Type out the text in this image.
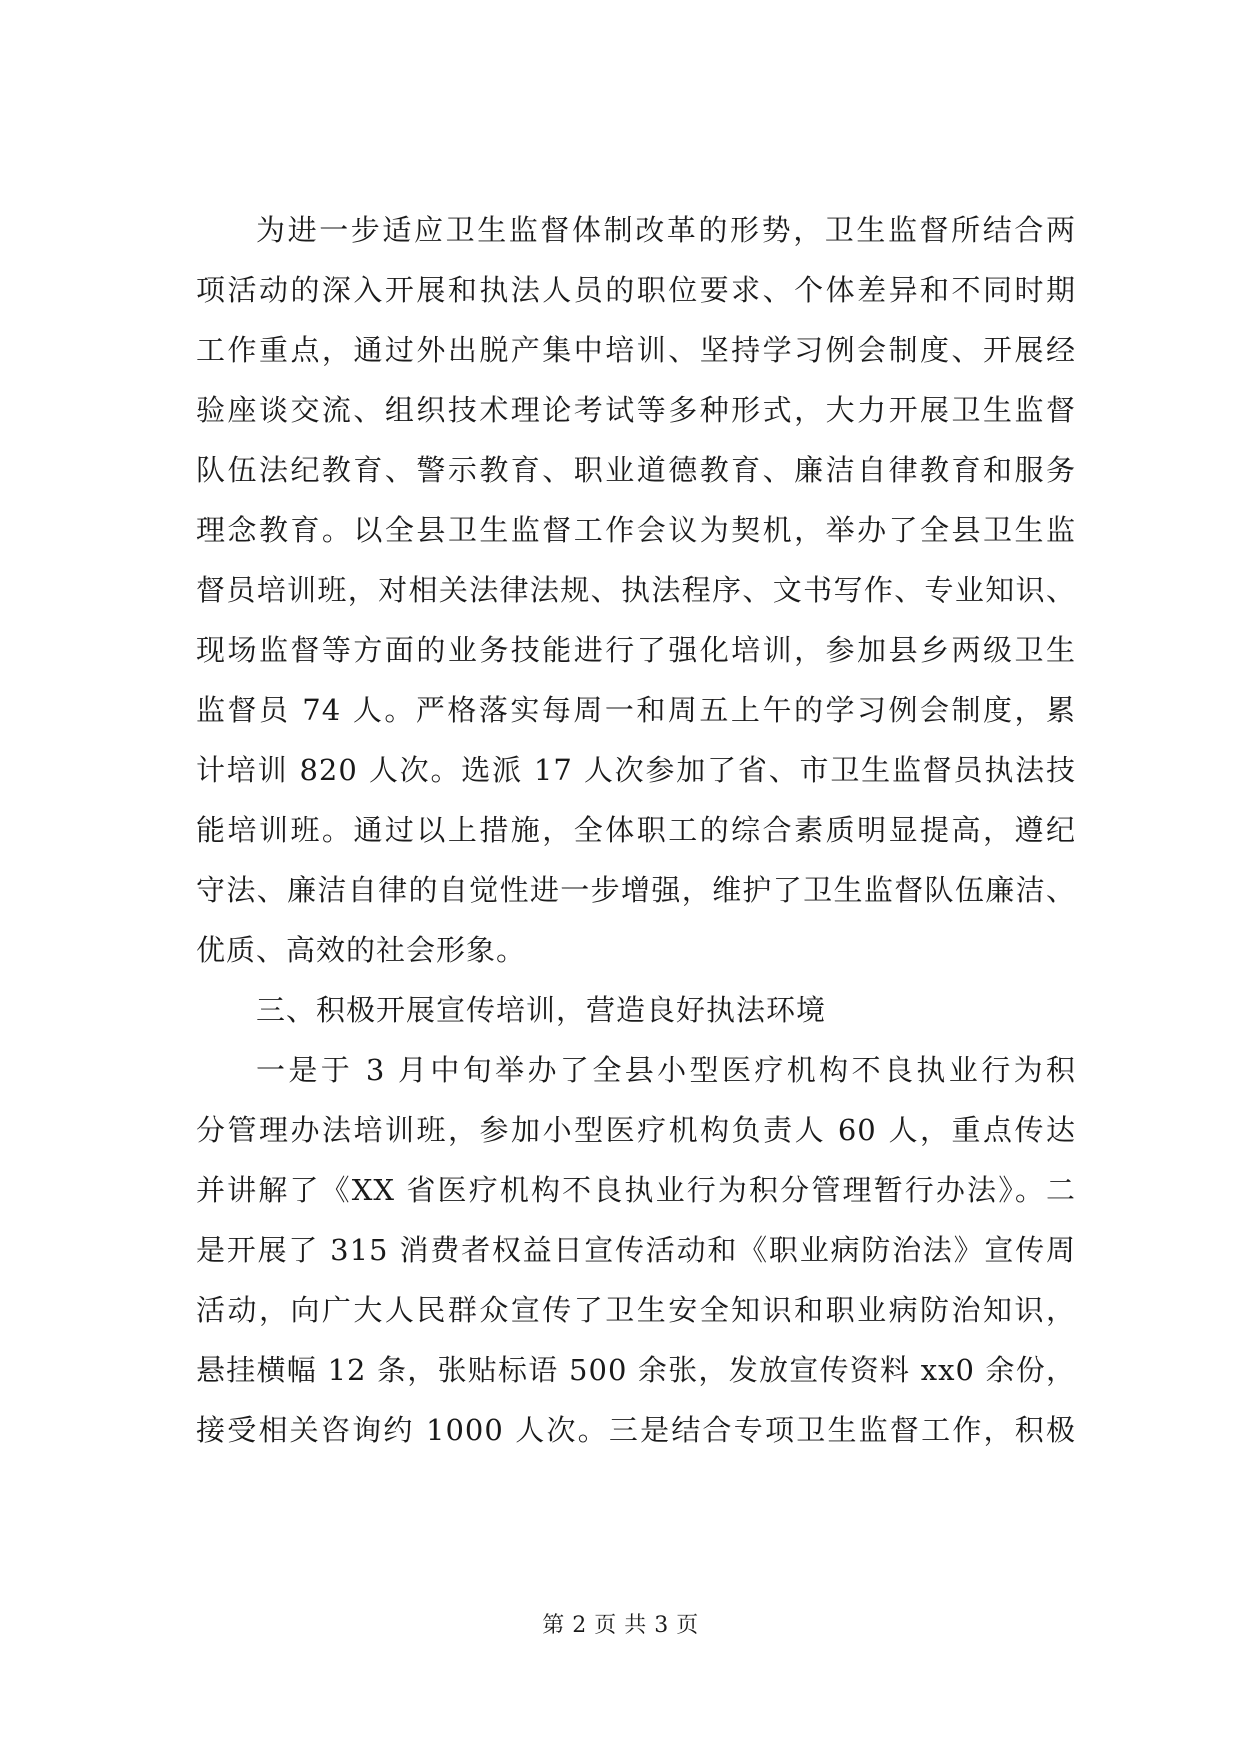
为进一步适应卫生监督体制改革的形势，卫生监督所结合两
项活动的深入开展和执法人员的职位要求、个体差异和不同时期
工作重点，通过外出脱产集中培训、坚持学习例会制度、开展经
验座谈交流、组织技术理论考试等多种形式，大力开展卫生监督
队伍法纪教育、警示教育、职业道德教育、廉洁自律教育和服务
理念教育。以全县卫生监督工作会议为契机，举办了全县卫生监
督员培训班，对相关法律法规、执法程序、文书写作、专业知识、
现场监督等方面的业务技能进行了强化培训，参加县乡两级卫生
监督员 74 人。严格落实每周一和周五上午的学习例会制度，累
计培训 820 人次。选派 17 人次参加了省、市卫生监督员执法技
能培训班。通过以上措施，全体职工的综合素质明显提高，遵纪
守法、廉洁自律的自觉性进一步增强，维护了卫生监督队伍廉洁、
优质、高效的社会形象。
三、积极开展宣传培训，营造良好执法环境
一是于 3 月中旬举办了全县小型医疗机构不良执业行为积
分管理办法培训班，参加小型医疗机构负责人 60 人，重点传达
并讲解了《XX 省医疗机构不良执业行为积分管理暂行办法》。二
是开展了 315 消费者权益日宣传活动和《职业病防治法》宣传周
活动，向广大人民群众宣传了卫生安全知识和职业病防治知识，
悬挂横幅 12 条，张贴标语 500 余张，发放宣传资料 xx0 余份，
接受相关咨询约 1000 人次。三是结合专项卫生监督工作，积极
第 2 页 共 3 页
